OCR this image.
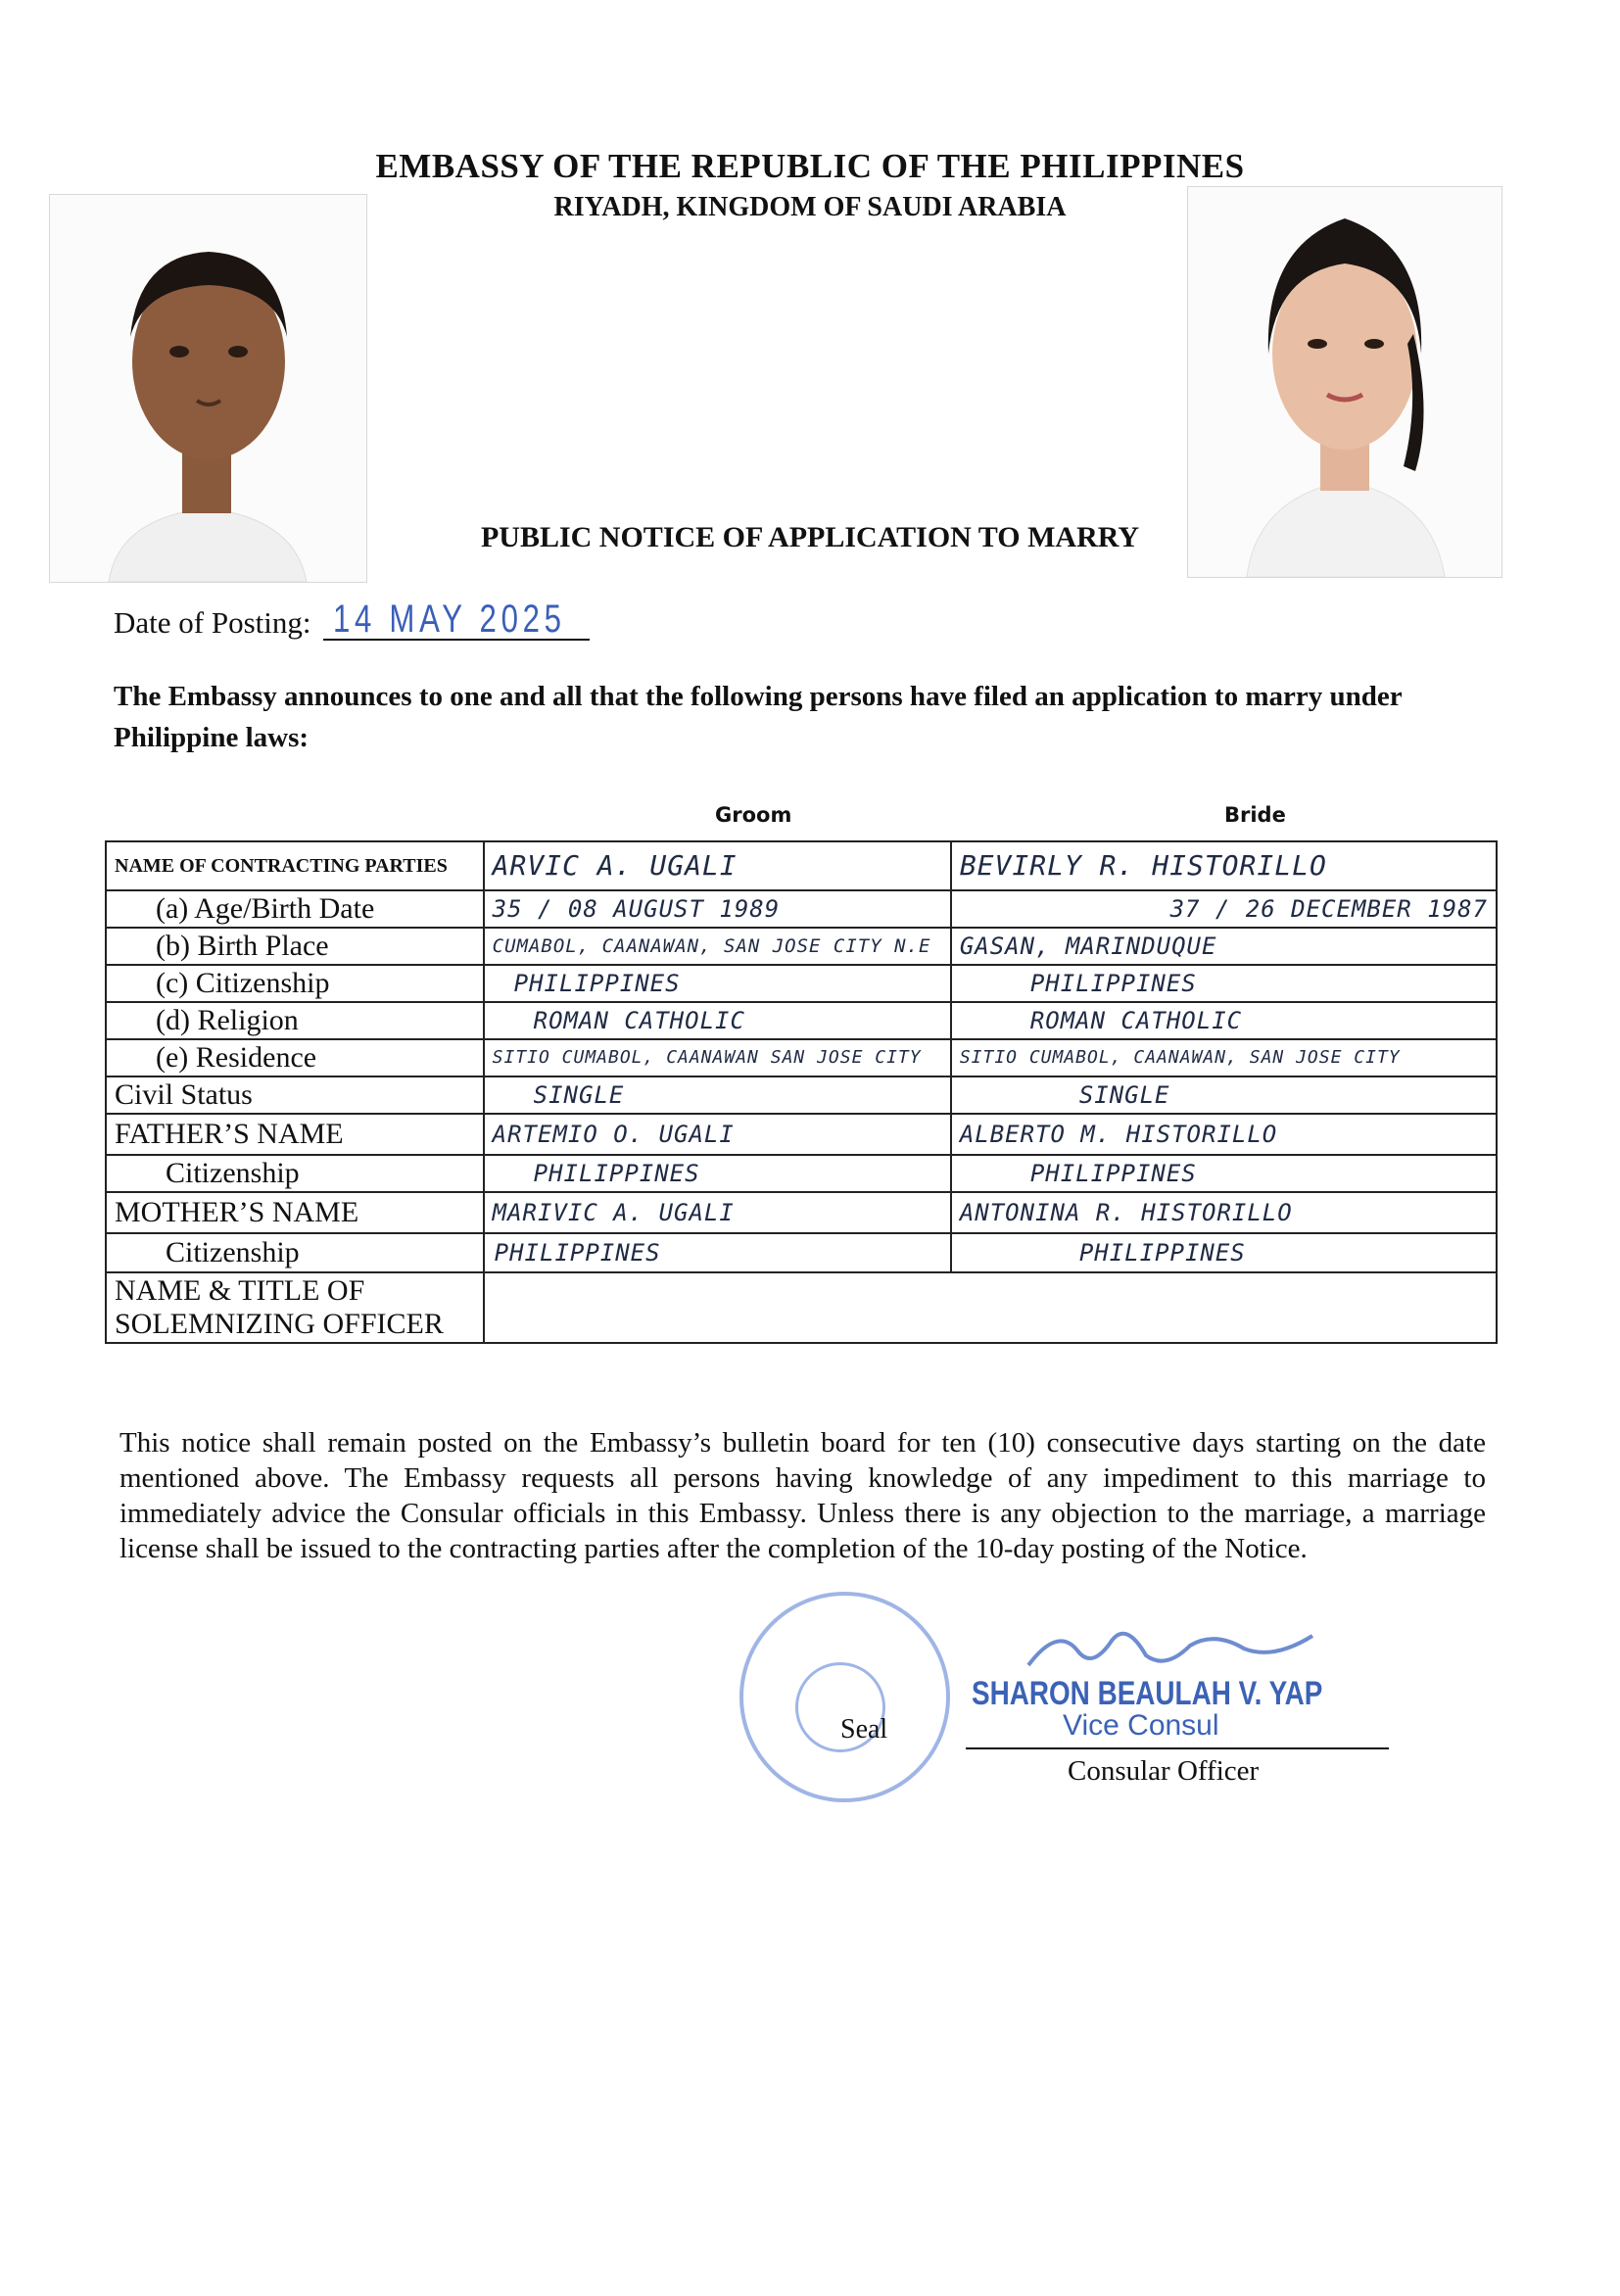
EMBASSY OF THE REPUBLIC OF THE PHILIPPINES
RIYADH, KINGDOM OF SAUDI ARABIA
PUBLIC NOTICE OF APPLICATION TO MARRY
Date of Posting: 14 MAY 2025
The Embassy announces to one and all that the following persons have filed an application to marry under Philippine laws:
Groom	Bride
NAME OF CONTRACTING PARTIES	ARVIC A. UGALI	BEVIRLY R. HISTORILLO
(a) Age/Birth Date	35 / 08 AUGUST 1989	37 / 26 DECEMBER 1987
(b) Birth Place	CUMABOL, CAANAWAN, SAN JOSE CITY N.E	GASAN, MARINDUQUE
(c) Citizenship	PHILIPPINES	PHILIPPINES
(d) Religion	ROMAN CATHOLIC	ROMAN CATHOLIC
(e) Residence	SITIO CUMABOL, CAANAWAN SAN JOSE CITY	SITIO CUMABOL, CAANAWAN, SAN JOSE CITY
Civil Status	SINGLE	SINGLE
FATHER’S NAME	ARTEMIO O. UGALI	ALBERTO M. HISTORILLO
Citizenship	PHILIPPINES	PHILIPPINES
MOTHER’S NAME	MARIVIC A. UGALI	ANTONINA R. HISTORILLO
Citizenship	PHILIPPINES	PHILIPPINES
NAME & TITLE OF SOLEMNIZING OFFICER		
This notice shall remain posted on the Embassy’s bulletin board for ten (10) consecutive days starting on the date mentioned above. The Embassy requests all persons having knowledge of any impediment to this marriage to immediately advice the Consular officials in this Embassy. Unless there is any objection to the marriage, a marriage license shall be issued to the contracting parties after the completion of the 10-day posting of the Notice.
Seal
SHARON BEAULAH V. YAP
Vice Consul
Consular Officer
